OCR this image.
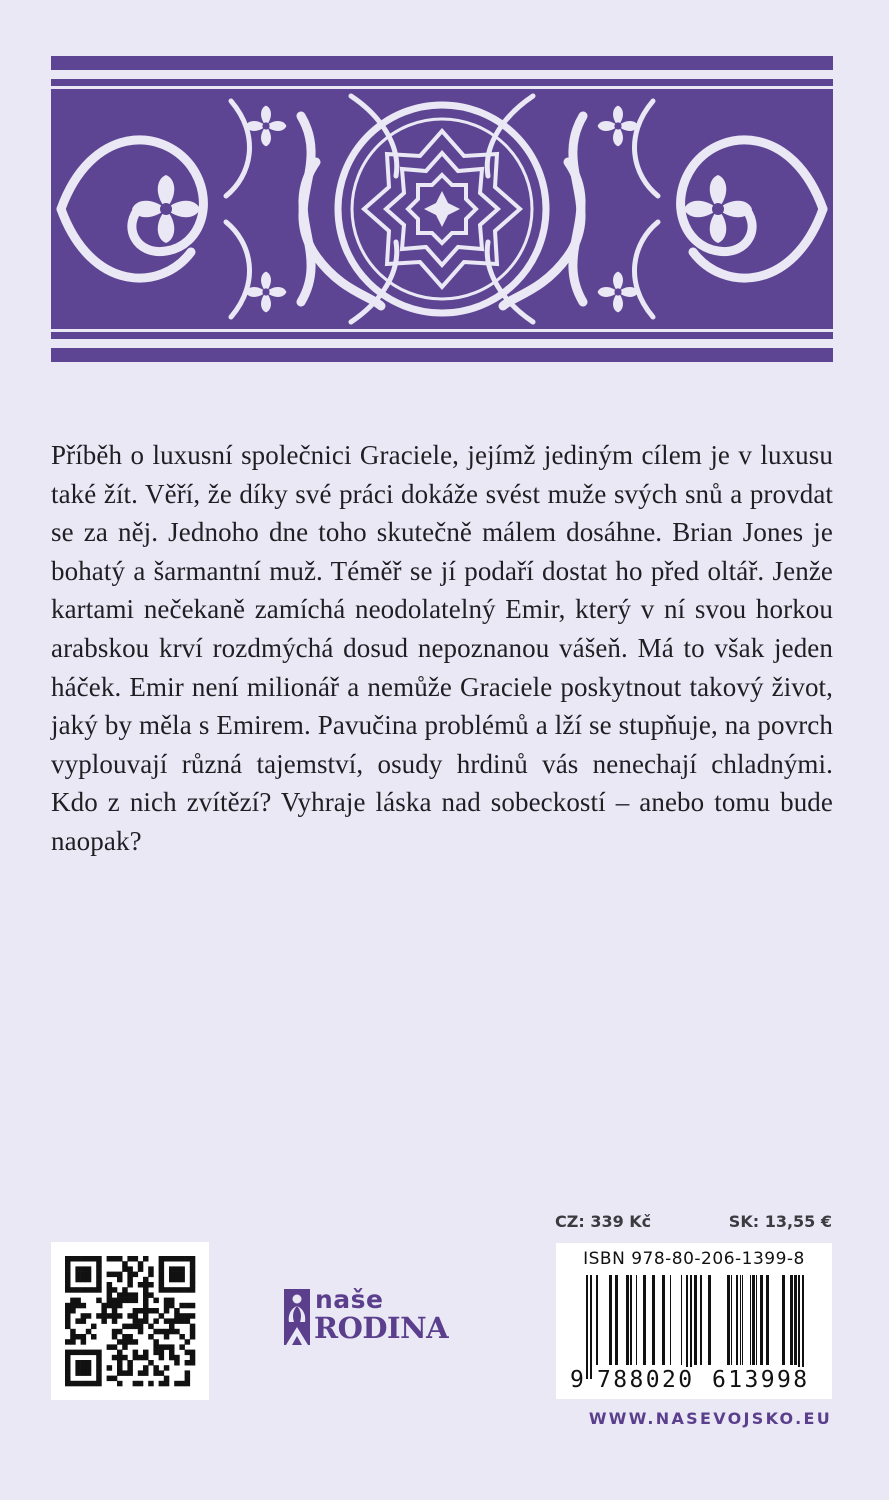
Příběh o luxusní společnici Graciele, jejímž jediným cílem je v luxusu také žít. Věří, že díky své práci dokáže svést muže svých snů a provdat se za něj. Jednoho dne toho skutečně málem dosáhne. Brian Jones je bohatý a šarmantní muž. Téměř se jí podaří dostat ho před oltář. Jenže kartami nečekaně zamíchá neodolatelný Emir, který v ní svou horkou arabskou krví rozdmýchá dosud nepoznanou vášeň. Má to však jeden háček. Emir není milionář a nemůže Graciele poskytnout takový život, jaký by měla s Emirem. Pavučina problémů a lží se stupňuje, na povrch vyplouvají různá tajemství, osudy hrdinů vás nenechají chladnými. Kdo z nich zvítězí? Vyhraje láska nad sobeckostí – anebo tomu bude naopak?

naše
RODINA
CZ: 339 Kč	SK: 13,55 €
ISBN 978-80-206-1399-8
9 788020 613998
WWW.NASEVOJSKO.EU
